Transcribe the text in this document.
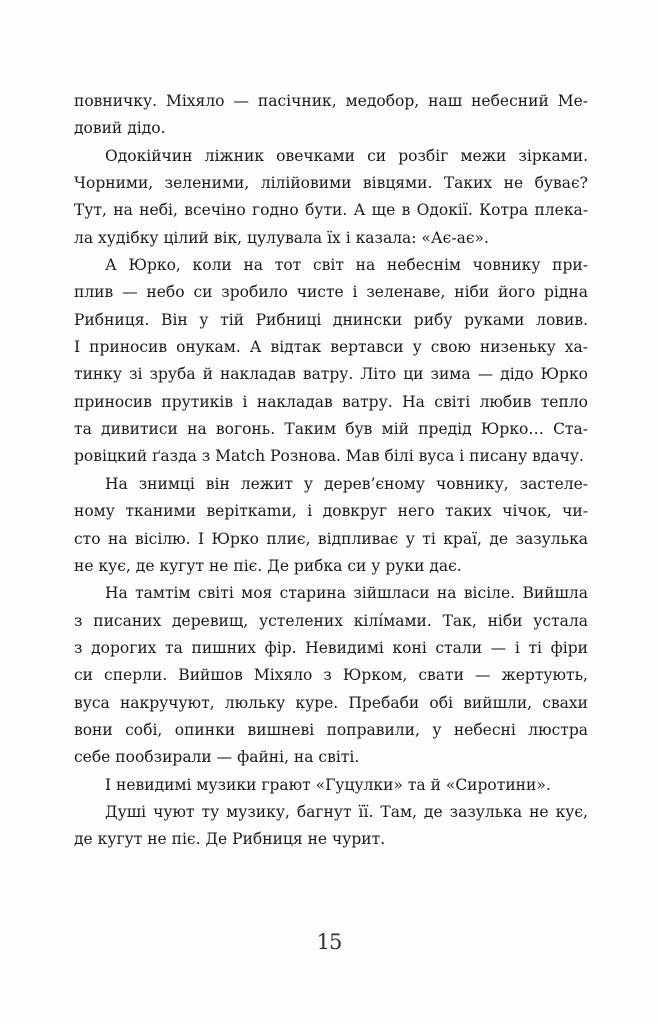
повничку. Міхяло — пасічник, медобор, наш небесний Ме-
довий дідо.
Одокійчин ліжник овечками си розбіг межи зірками.
Чорними, зеленими, лілійовими вівцями. Таких не буває?
Тут, на небі, всечіно годно бути. А ще в Одокії. Котра плека-
ла худібку цілий вік, цулувала їх і казала: «Ає-ає».
А Юрко, коли на тот світ на небеснім човнику при-
плив — небо си зробило чисте і зеленаве, ніби його рідна
Рибниця. Він у тій Рибниці днински рибу руками ловив.
І приносив онукам. А відтак вертавси у свою низеньку ха-
тинку зі зруба й накладав ватру. Літо ци зима — дідо Юрко
приносив прутиків і накладав ватру. На світі любив тепло
та дивитиси на вогонь. Таким був мій предід Юрко… Ста-
ровіцкий ґазда з Match Рознова. Мав білі вуса і писану вдачу.
На знимці він лежит у дерев’єному човнику, застеле-
ному тканими веріткаmи, і довкруг него таких чічок, чи-
сто на вісілю. І Юрко плиє, відпливає у ті краї, де зазулька
не кує, де кугут не піє. Де рибка си у руки дає.
На тамтім світі моя старина зійшласи на вісіле. Вийшла
з писаних деревищ, устелених кілі́мами. Так, ніби устала
з дорогих та пишних фір. Невидимі коні стали — і ті фіри
си сперли. Вийшов Міхяло з Юрком, свати — жертують,
вуса накручуют, люльку куре. Пребаби обі вийшли, свахи
вони собі, опинки вишневі поправили, у небесні люстра
себе пообзирали — файні, на світі.
І невидимі музики грают «Гуцулки» та й «Сиротини».
Душі чуют ту музику, багнут її. Там, де зазулька не кує,
де кугут не піє. Де Рибниця не чурит.
15
